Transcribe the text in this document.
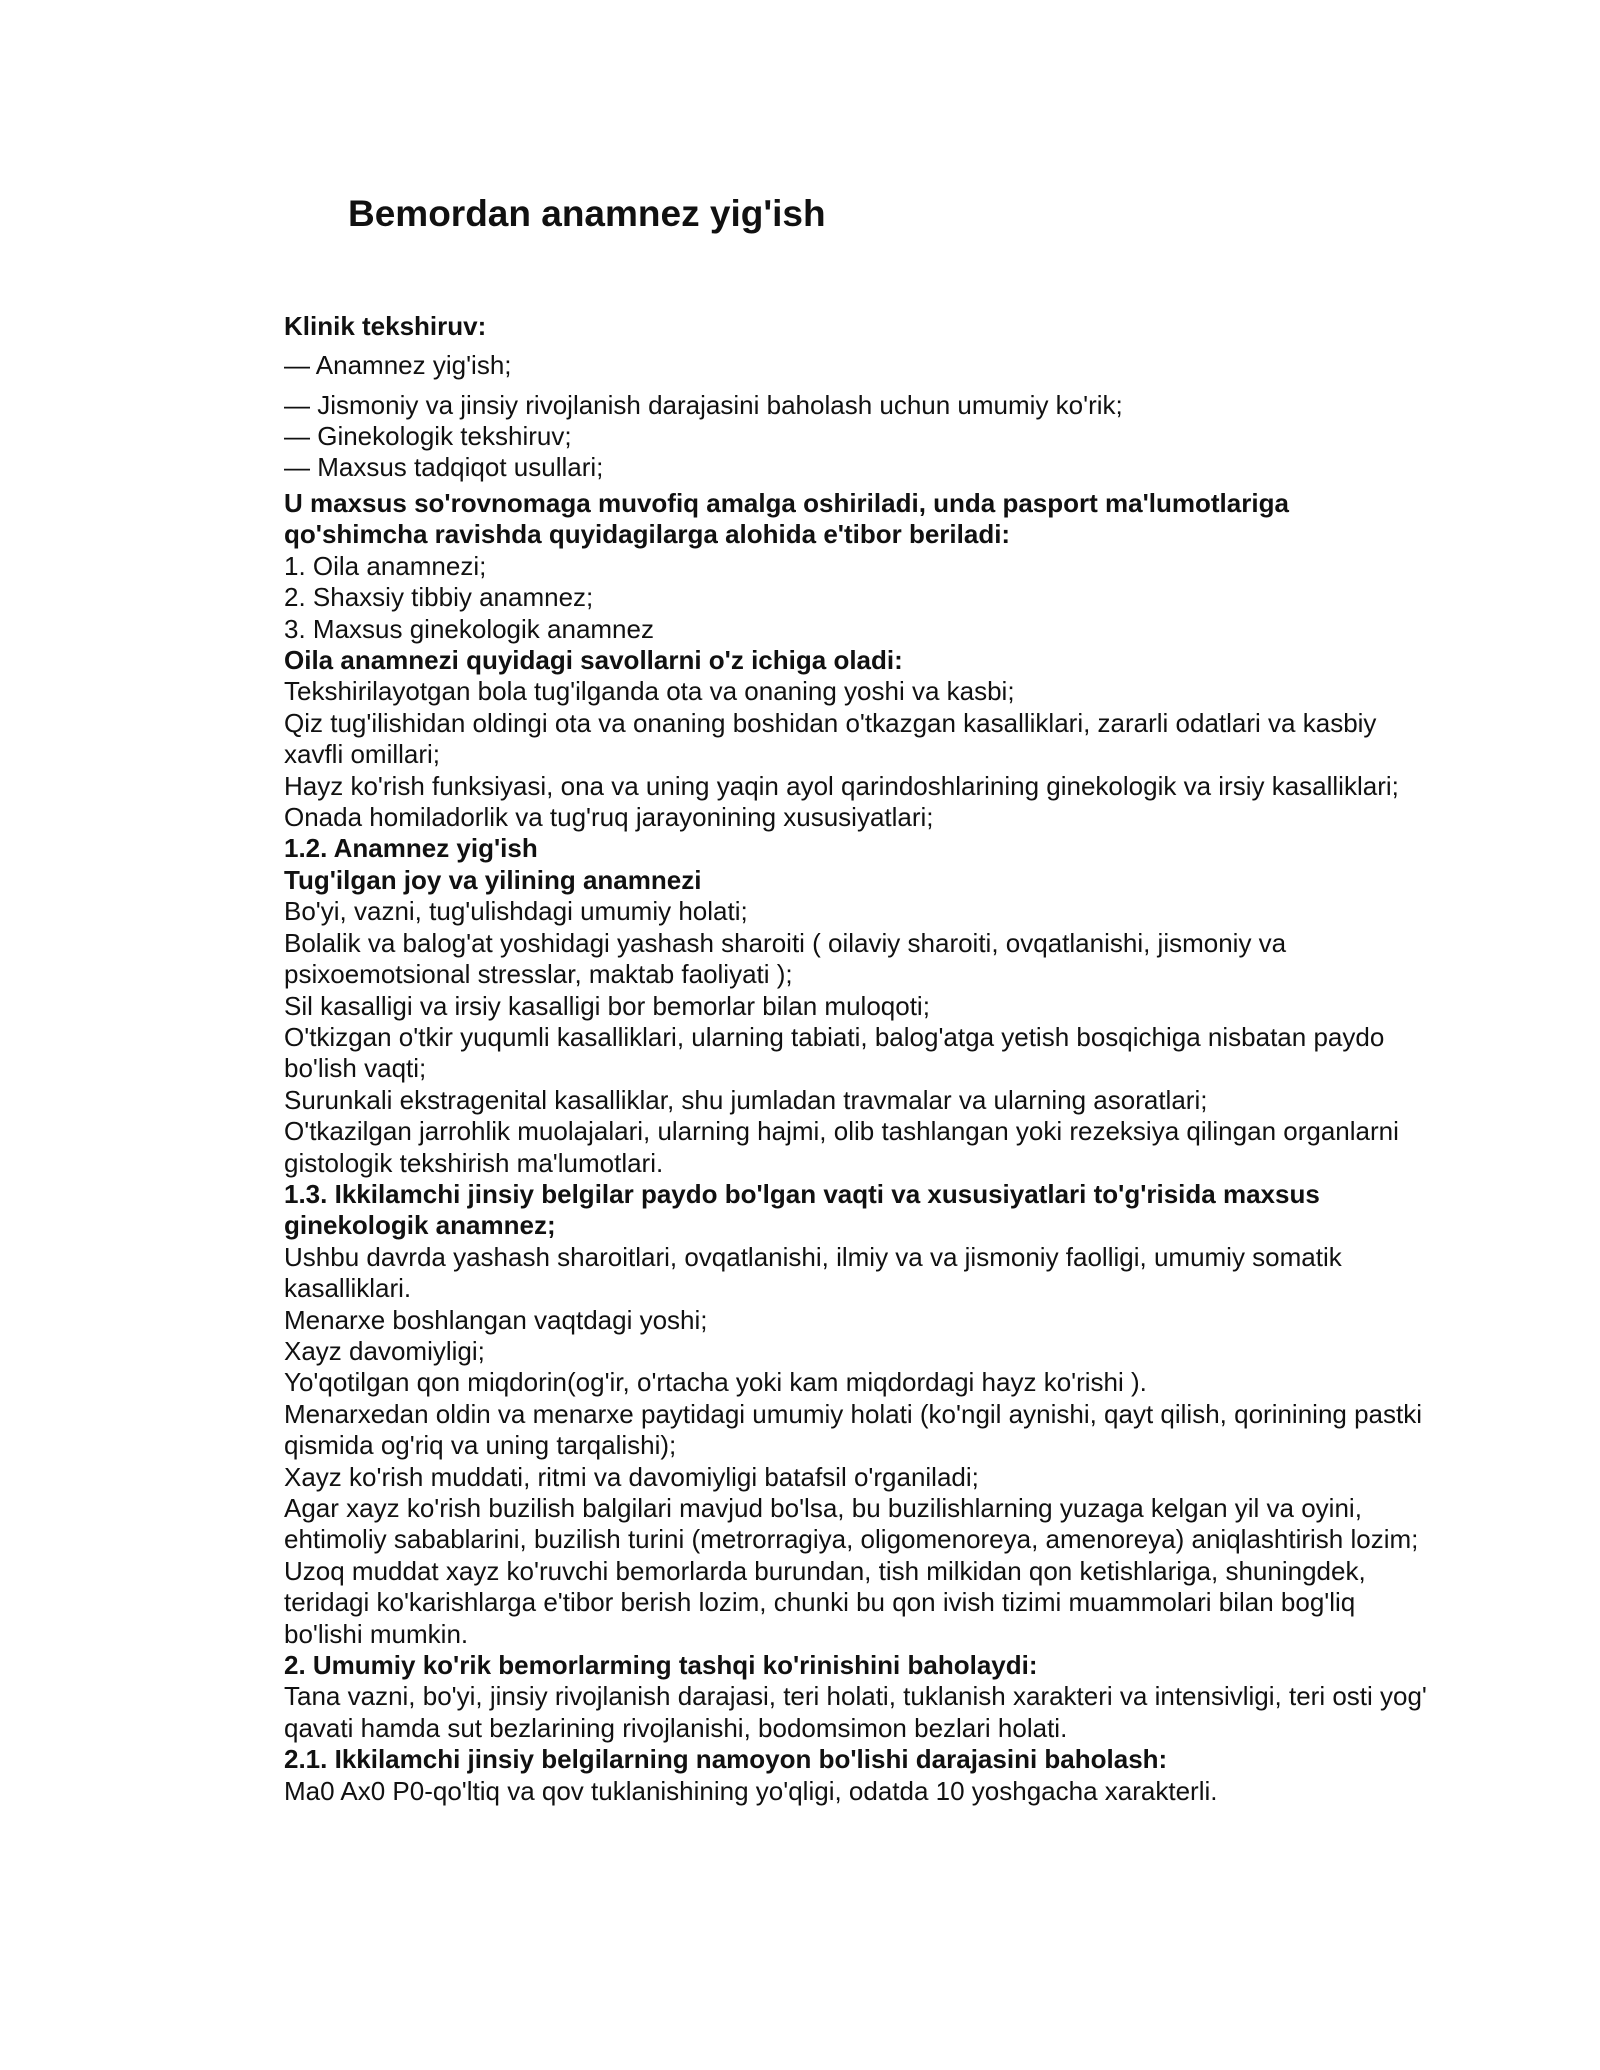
Bemordan anamnez yig'ish
Klinik tekshiruv:

— Anamnez yig'ish;

— Jismoniy va jinsiy rivojlanish darajasini baholash uchun umumiy ko'rik;

— Ginekologik tekshiruv;

— Maxsus tadqiqot usullari;

U maxsus so'rovnomaga muvofiq amalga oshiriladi, unda pasport ma'lumotlariga qo'shimcha ravishda quyidagilarga alohida e'tibor beriladi:

1. Oila anamnezi;

2. Shaxsiy tibbiy anamnez;

3. Maxsus ginekologik anamnez

Oila anamnezi quyidagi savollarni o'z ichiga oladi:

Tekshirilayotgan bola tug'ilganda ota va onaning yoshi va kasbi;

Qiz tug'ilishidan oldingi ota va onaning boshidan o'tkazgan kasalliklari, zararli odatlari va kasbiy xavfli omillari;

Hayz ko'rish funksiyasi, ona va uning yaqin ayol qarindoshlarining ginekologik va irsiy kasalliklari;

Onada homiladorlik va tug'ruq jarayonining xususiyatlari;

1.2. Anamnez yig'ish

Tug'ilgan joy va yilining anamnezi

Bo'yi, vazni, tug'ulishdagi umumiy holati;

Bolalik va balog'at yoshidagi yashash sharoiti ( oilaviy sharoiti, ovqatlanishi, jismoniy va psixoemotsional stresslar, maktab faoliyati );

Sil kasalligi va irsiy kasalligi bor bemorlar bilan muloqoti;

O'tkizgan o'tkir yuqumli kasalliklari, ularning tabiati, balog'atga yetish bosqichiga nisbatan paydo bo'lish vaqti;

Surunkali ekstragenital kasalliklar, shu jumladan travmalar va ularning asoratlari;

O'tkazilgan jarrohlik muolajalari, ularning hajmi, olib tashlangan yoki rezeksiya qilingan organlarni gistologik tekshirish ma'lumotlari.

1.3. Ikkilamchi jinsiy belgilar paydo bo'lgan vaqti va xususiyatlari to'g'risida maxsus ginekologik anamnez;

Ushbu davrda yashash sharoitlari, ovqatlanishi, ilmiy va va jismoniy faolligi, umumiy somatik kasalliklari.

Menarxe boshlangan vaqtdagi yoshi;

Xayz davomiyligi;

Yo'qotilgan qon miqdorin(og'ir, o'rtacha yoki kam miqdordagi hayz ko'rishi ).

Menarxedan oldin va menarxe paytidagi umumiy holati (ko'ngil aynishi, qayt qilish, qorinining pastki qismida og'riq va uning tarqalishi);

Xayz ko'rish muddati, ritmi va davomiyligi batafsil o'rganiladi;

Agar xayz ko'rish buzilish balgilari mavjud bo'lsa, bu buzilishlarning yuzaga kelgan yil va oyini, ehtimoliy sabablarini, buzilish turini (metrorragiya, oligomenoreya, amenoreya) aniqlashtirish lozim;

Uzoq muddat xayz ko'ruvchi bemorlarda burundan, tish milkidan qon ketishlariga, shuningdek, teridagi ko'karishlarga e'tibor berish lozim, chunki bu qon ivish tizimi muammolari bilan bog'liq bo'lishi mumkin.

2. Umumiy ko'rik bemorlarming tashqi ko'rinishini baholaydi:

Tana vazni, bo'yi, jinsiy rivojlanish darajasi, teri holati, tuklanish xarakteri va intensivligi, teri osti yog' qavati hamda sut bezlarining rivojlanishi, bodomsimon bezlari holati.

2.1. Ikkilamchi jinsiy belgilarning namoyon bo'lishi darajasini baholash:

Ma0 Ax0 P0-qo'ltiq va qov tuklanishining yo'qligi, odatda 10 yoshgacha xarakterli.
